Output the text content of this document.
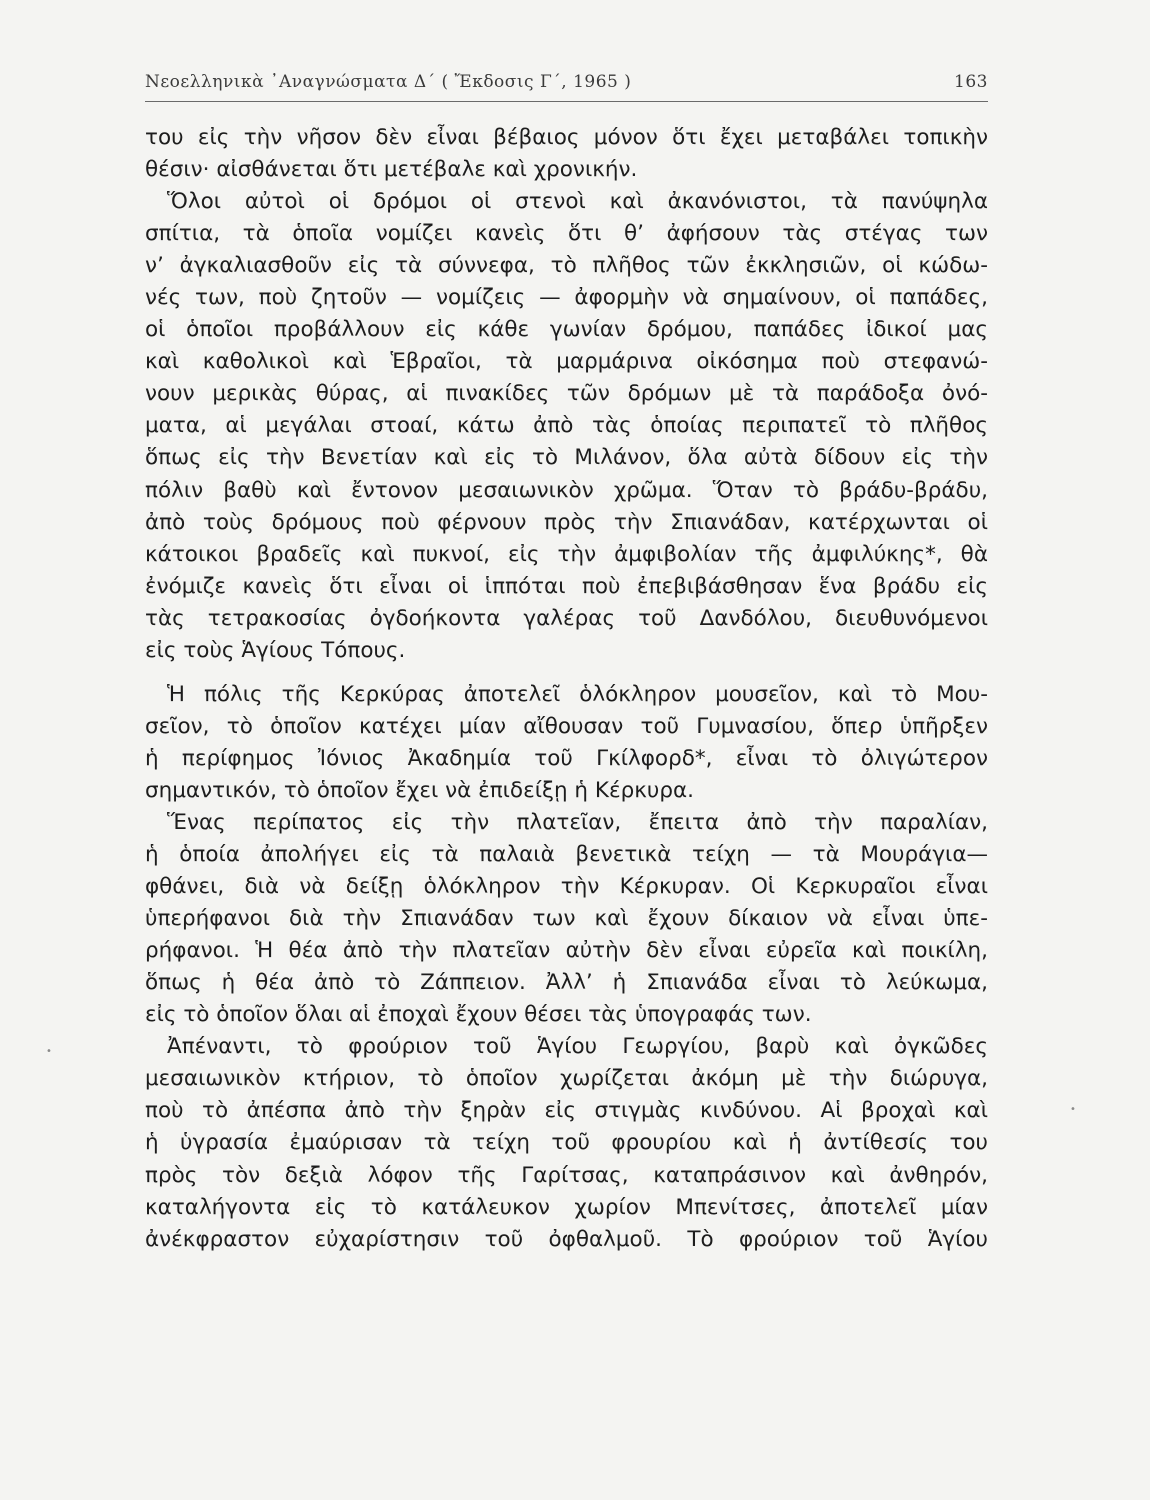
Νεοελληνικὰ ᾿Αναγνώσματα Δ΄ ( Ἔκδοσις Γ΄, 1965 )	163
του εἰς τὴν νῆσον δὲν εἶναι βέβαιος μόνον ὅτι ἔχει μεταβάλει τοπικὴν
θέσιν· αἰσθάνεται ὅτι μετέβαλε καὶ χρονικήν.
Ὅλοι αὐτοὶ οἱ δρόμοι οἱ στενοὶ καὶ ἀκανόνιστοι, τὰ πανύψηλα
σπίτια, τὰ ὁποῖα νομίζει κανεὶς ὅτι θ’ ἀφήσουν τὰς στέγας των
ν’ ἀγκαλιασθοῦν εἰς τὰ σύννεφα, τὸ πλῆθος τῶν ἐκκλησιῶν, οἱ κώδω-
νές των, ποὺ ζητοῦν — νομίζεις — ἀφορμὴν νὰ σημαίνουν, οἱ παπάδες,
οἱ ὁποῖοι προβάλλουν εἰς κάθε γωνίαν δρόμου, παπάδες ἰδικοί μας
καὶ καθολικοὶ καὶ Ἑβραῖοι, τὰ μαρμάρινα οἰκόσημα ποὺ στεφανώ-
νουν μερικὰς θύρας, αἱ πινακίδες τῶν δρόμων μὲ τὰ παράδοξα ὀνό-
ματα, αἱ μεγάλαι στοαί, κάτω ἀπὸ τὰς ὁποίας περιπατεῖ τὸ πλῆθος
ὅπως εἰς τὴν Βενετίαν καὶ εἰς τὸ Μιλάνον, ὅλα αὐτὰ δίδουν εἰς τὴν
πόλιν βαθὺ καὶ ἔντονον μεσαιωνικὸν χρῶμα. Ὅταν τὸ βράδυ-βράδυ,
ἀπὸ τοὺς δρόμους ποὺ φέρνουν πρὸς τὴν Σπιανάδαν, κατέρχωνται οἱ
κάτοικοι βραδεῖς καὶ πυκνοί, εἰς τὴν ἀμφιβολίαν τῆς ἀμφιλύκης*, θὰ
ἐνόμιζε κανεὶς ὅτι εἶναι οἱ ἱππόται ποὺ ἐπεβιβάσθησαν ἕνα βράδυ εἰς
τὰς τετρακοσίας ὀγδοήκοντα γαλέρας τοῦ Δανδόλου, διευθυνόμενοι
εἰς τοὺς Ἁγίους Τόπους.
Ἡ πόλις τῆς Κερκύρας ἀποτελεῖ ὁλόκληρον μουσεῖον, καὶ τὸ Μου-
σεῖον, τὸ ὁποῖον κατέχει μίαν αἴθουσαν τοῦ Γυμνασίου, ὅπερ ὑπῆρξεν
ἡ περίφημος Ἰόνιος Ἀκαδημία τοῦ Γκίλφορδ*, εἶναι τὸ ὀλιγώτερον
σημαντικόν, τὸ ὁποῖον ἔχει νὰ ἐπιδείξῃ ἡ Κέρκυρα.
Ἕνας περίπατος εἰς τὴν πλατεῖαν, ἔπειτα ἀπὸ τὴν παραλίαν,
ἡ ὁποία ἀπολήγει εἰς τὰ παλαιὰ βενετικὰ τείχη — τὰ Μουράγια—
φθάνει, διὰ νὰ δείξῃ ὁλόκληρον τὴν Κέρκυραν. Οἱ Κερκυραῖοι εἶναι
ὑπερήφανοι διὰ τὴν Σπιανάδαν των καὶ ἔχουν δίκαιον νὰ εἶναι ὑπε-
ρήφανοι. Ἡ θέα ἀπὸ τὴν πλατεῖαν αὐτὴν δὲν εἶναι εὐρεῖα καὶ ποικίλη,
ὅπως ἡ θέα ἀπὸ τὸ Ζάππειον. Ἀλλ’ ἡ Σπιανάδα εἶναι τὸ λεύκωμα,
εἰς τὸ ὁποῖον ὅλαι αἱ ἐποχαὶ ἔχουν θέσει τὰς ὑπογραφάς των.
Ἀπέναντι, τὸ φρούριον τοῦ Ἁγίου Γεωργίου, βαρὺ καὶ ὀγκῶδες
μεσαιωνικὸν κτήριον, τὸ ὁποῖον χωρίζεται ἀκόμη μὲ τὴν διώρυγα,
ποὺ τὸ ἀπέσπα ἀπὸ τὴν ξηρὰν εἰς στιγμὰς κινδύνου. Αἱ βροχαὶ καὶ
ἡ ὑγρασία ἐμαύρισαν τὰ τείχη τοῦ φρουρίου καὶ ἡ ἀντίθεσίς του
πρὸς τὸν δεξιὰ λόφον τῆς Γαρίτσας, καταπράσινον καὶ ἀνθηρόν,
καταλήγοντα εἰς τὸ κατάλευκον χωρίον Μπενίτσες, ἀποτελεῖ μίαν
ἀνέκφραστον εὐχαρίστησιν τοῦ ὀφθαλμοῦ. Τὸ φρούριον τοῦ Ἁγίου
•
•
